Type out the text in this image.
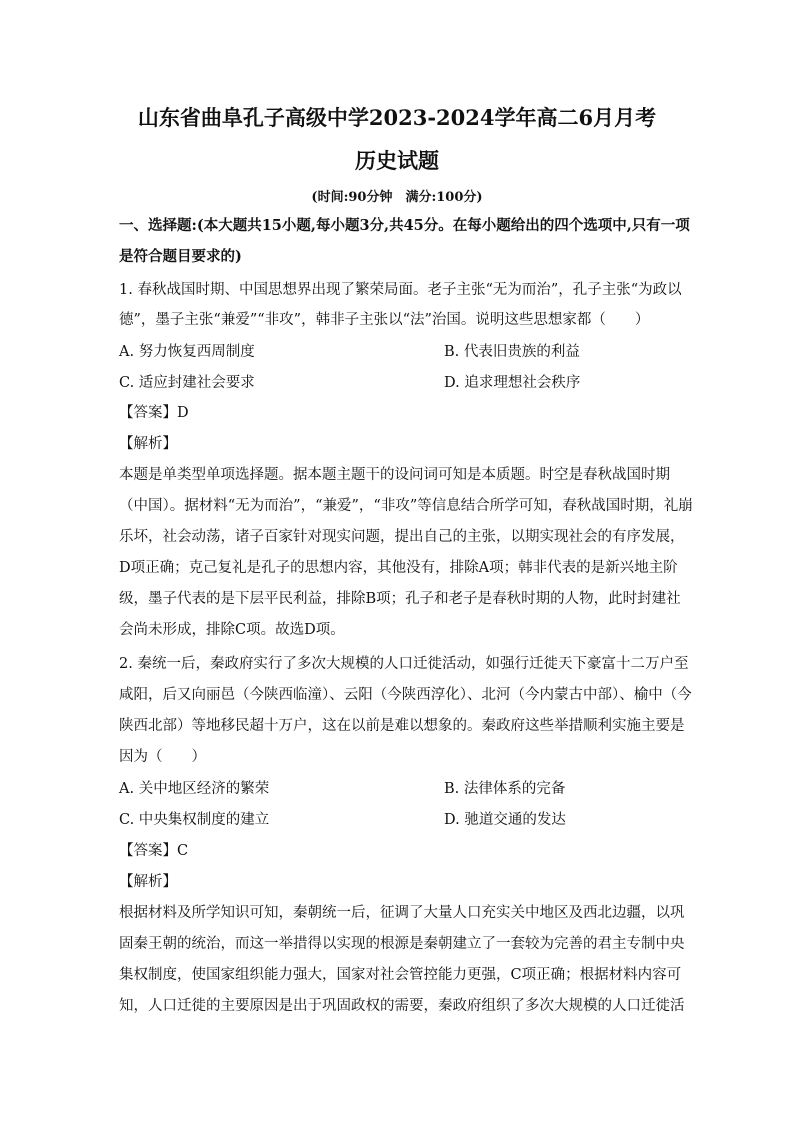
山东省曲阜孔子高级中学2023-2024学年高二6月月考
历史试题
(时间:90分钟　满分:100分)
一、选择题:(本大题共15小题,每小题3分,共45分。在每小题给出的四个选项中,只有一项
是符合题目要求的)
1. 春秋战国时期、中国思想界出现了繁荣局面。老子主张“无为而治”，孔子主张“为政以
德”，墨子主张“兼爱”“非攻”，韩非子主张以“法”治国。说明这些思想家都（　　）
A. 努力恢复西周制度	B. 代表旧贵族的利益
C. 适应封建社会要求	D. 追求理想社会秩序
【答案】D
【解析】
本题是单类型单项选择题。据本题主题干的设问词可知是本质题。时空是春秋战国时期
（中国）。据材料“无为而治”，“兼爱”，“非攻”等信息结合所学可知，春秋战国时期，礼崩
乐坏，社会动荡，诸子百家针对现实问题，提出自己的主张，以期实现社会的有序发展，
D项正确；克己复礼是孔子的思想内容，其他没有，排除A项；韩非代表的是新兴地主阶
级，墨子代表的是下层平民利益，排除B项；孔子和老子是春秋时期的人物，此时封建社
会尚未形成，排除C项。故选D项。
2. 秦统一后，秦政府实行了多次大规模的人口迁徙活动，如强行迁徙天下豪富十二万户至
咸阳，后又向丽邑（今陕西临潼）、云阳（今陕西淳化）、北河（今内蒙古中部）、榆中（今
陕西北部）等地移民超十万户，这在以前是难以想象的。秦政府这些举措顺利实施主要是
因为（　　）
A. 关中地区经济的繁荣	B. 法律体系的完备
C. 中央集权制度的建立	D. 驰道交通的发达
【答案】C
【解析】
根据材料及所学知识可知，秦朝统一后，征调了大量人口充实关中地区及西北边疆，以巩
固秦王朝的统治，而这一举措得以实现的根源是秦朝建立了一套较为完善的君主专制中央
集权制度，使国家组织能力强大，国家对社会管控能力更强，C项正确；根据材料内容可
知，人口迁徙的主要原因是出于巩固政权的需要，秦政府组织了多次大规模的人口迁徙活
